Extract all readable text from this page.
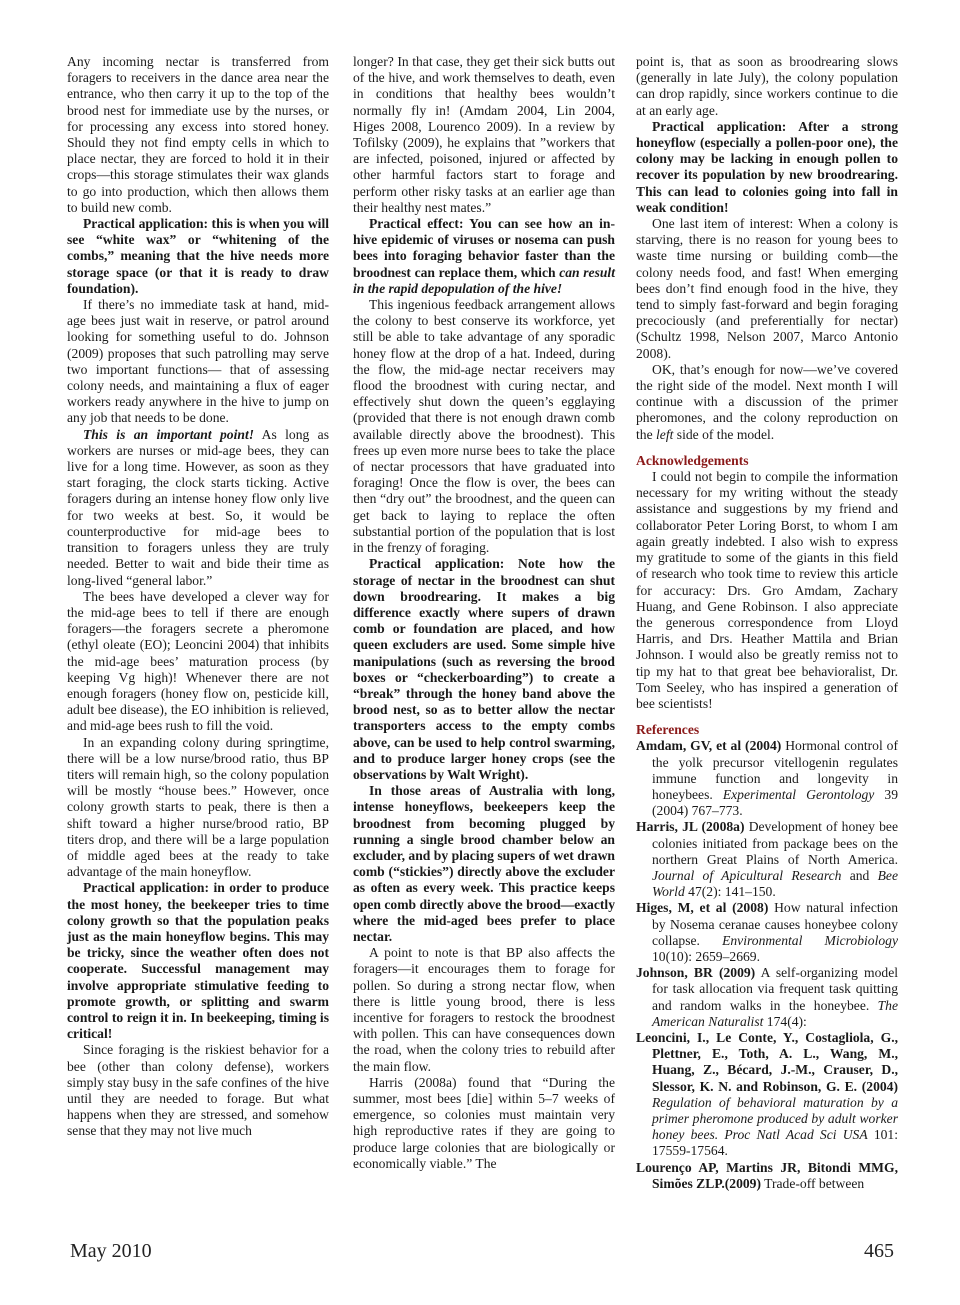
Any incoming nectar is transferred from foragers to receivers in the dance area near the entrance, who then carry it up to the top of the brood nest for immediate use by the nurses, or for processing any excess into stored honey. Should they not find empty cells in which to place nectar, they are forced to hold it in their crops—this storage stimulates their wax glands to go into production, which then allows them to build new comb.

Practical application: this is when you will see “white wax” or “whitening of the combs,” meaning that the hive needs more storage space (or that it is ready to draw foundation).

If there’s no immediate task at hand, mid-age bees just wait in reserve, or patrol around looking for something useful to do. Johnson (2009) proposes that such patrolling may serve two important functions— that of assessing colony needs, and maintaining a flux of eager workers ready anywhere in the hive to jump on any job that needs to be done.

This is an important point! As long as workers are nurses or mid-age bees, they can live for a long time. However, as soon as they start foraging, the clock starts ticking. Active foragers during an intense honey flow only live for two weeks at best. So, it would be counterproductive for mid-age bees to transition to foragers unless they are truly needed. Better to wait and bide their time as long-lived “general labor.”

The bees have developed a clever way for the mid-age bees to tell if there are enough foragers—the foragers secrete a pheromone (ethyl oleate (EO); Leoncini 2004) that inhibits the mid-age bees’ maturation process (by keeping Vg high)! Whenever there are not enough foragers (honey flow on, pesticide kill, adult bee disease), the EO inhibition is relieved, and mid-age bees rush to fill the void.

In an expanding colony during springtime, there will be a low nurse/brood ratio, thus BP titers will remain high, so the colony population will be mostly “house bees.” However, once colony growth starts to peak, there is then a shift toward a higher nurse/brood ratio, BP titers drop, and there will be a large population of middle aged bees at the ready to take advantage of the main honeyflow.

Practical application: in order to produce the most honey, the beekeeper tries to time colony growth so that the population peaks just as the main honeyflow begins. This may be tricky, since the weather often does not cooperate. Successful management may involve appropriate stimulative feeding to promote growth, or splitting and swarm control to reign it in. In beekeeping, timing is critical!

Since foraging is the riskiest behavior for a bee (other than colony defense), workers simply stay busy in the safe confines of the hive until they are needed to forage. But what happens when they are stressed, and somehow sense that they may not live much

longer? In that case, they get their sick butts out of the hive, and work themselves to death, even in conditions that healthy bees wouldn’t normally fly in! (Amdam 2004, Lin 2004, Higes 2008, Lourenco 2009). In a review by Tofilsky (2009), he explains that ”workers that are infected, poisoned, injured or affected by other harmful factors start to forage and perform other risky tasks at an earlier age than their healthy nest mates.”

Practical effect: You can see how an in-hive epidemic of viruses or nosema can push bees into foraging behavior faster than the broodnest can replace them, which can result in the rapid depopulation of the hive!

This ingenious feedback arrangement allows the colony to best conserve its workforce, yet still be able to take advantage of any sporadic honey flow at the drop of a hat. Indeed, during the flow, the mid-age nectar receivers may flood the broodnest with curing nectar, and effectively shut down the queen’s egglaying (provided that there is not enough drawn comb available directly above the broodnest). This frees up even more nurse bees to take the place of nectar processors that have graduated into foraging! Once the flow is over, the bees can then “dry out” the broodnest, and the queen can get back to laying to replace the often substantial portion of the population that is lost in the frenzy of foraging.

Practical application: Note how the storage of nectar in the broodnest can shut down broodrearing. It makes a big difference exactly where supers of drawn comb or foundation are placed, and how queen excluders are used. Some simple hive manipulations (such as reversing the brood boxes or “checkerboarding”) to create a “break” through the honey band above the brood nest, so as to better allow the nectar transporters access to the empty combs above, can be used to help control swarming, and to produce larger honey crops (see the observations by Walt Wright).

In those areas of Australia with long, intense honeyflows, beekeepers keep the broodnest from becoming plugged by running a single brood chamber below an excluder, and by placing supers of wet drawn comb (“stickies”) directly above the excluder as often as every week. This practice keeps open comb directly above the brood—exactly where the mid-aged bees prefer to place nectar.

A point to note is that BP also affects the foragers—it encourages them to forage for pollen. So during a strong nectar flow, when there is little young brood, there is less incentive for foragers to restock the broodnest with pollen. This can have consequences down the road, when the colony tries to rebuild after the main flow.

Harris (2008a) found that “During the summer, most bees [die] within 5–7 weeks of emergence, so colonies must maintain very high reproductive rates if they are going to produce large colonies that are biologically or economically viable.” The

point is, that as soon as broodrearing slows (generally in late July), the colony population can drop rapidly, since workers continue to die at an early age.

Practical application: After a strong honeyflow (especially a pollen-poor one), the colony may be lacking in enough pollen to recover its population by new broodrearing. This can lead to colonies going into fall in weak condition!

One last item of interest: When a colony is starving, there is no reason for young bees to waste time nursing or building comb—the colony needs food, and fast! When emerging bees don’t find enough food in the hive, they tend to simply fast-forward and begin foraging precociously (and preferentially for nectar) (Schultz 1998, Nelson 2007, Marco Antonio 2008).

OK, that’s enough for now—we’ve covered the right side of the model. Next month I will continue with a discussion of the primer pheromones, and the colony reproduction on the left side of the model.

Acknowledgements

I could not begin to compile the information necessary for my writing without the steady assistance and suggestions by my friend and collaborator Peter Loring Borst, to whom I am again greatly indebted. I also wish to express my gratitude to some of the giants in this field of research who took time to review this article for accuracy: Drs. Gro Amdam, Zachary Huang, and Gene Robinson. I also appreciate the generous correspondence from Lloyd Harris, and Drs. Heather Mattila and Brian Johnson. I would also be greatly remiss not to tip my hat to that great bee behavioralist, Dr. Tom Seeley, who has inspired a generation of bee scientists!

References

Amdam, GV, et al (2004) Hormonal control of the yolk precursor vitellogenin regulates immune function and longevity in honeybees. Experimental Gerontology 39 (2004) 767–773.

Harris, JL (2008a) Development of honey bee colonies initiated from package bees on the northern Great Plains of North America. Journal of Apicultural Research and Bee World 47(2): 141–150.

Higes, M, et al (2008) How natural infection by Nosema ceranae causes honeybee colony collapse. Environmental Microbiology 10(10): 2659–2669.

Johnson, BR (2009) A self-organizing model for task allocation via frequent task quitting and random walks in the honeybee. The American Naturalist 174(4):

Leoncini, I., Le Conte, Y., Costagliola, G., Plettner, E., Toth, A. L., Wang, M., Huang, Z., Bécard, J.-M., Crauser, D., Slessor, K. N. and Robinson, G. E. (2004) Regulation of behavioral maturation by a primer pheromone produced by adult worker honey bees. Proc Natl Acad Sci USA 101: 17559-17564.

Lourenço AP, Martins JR, Bitondi MMG, Simões ZLP.(2009) Trade-off between

May 2010	465
